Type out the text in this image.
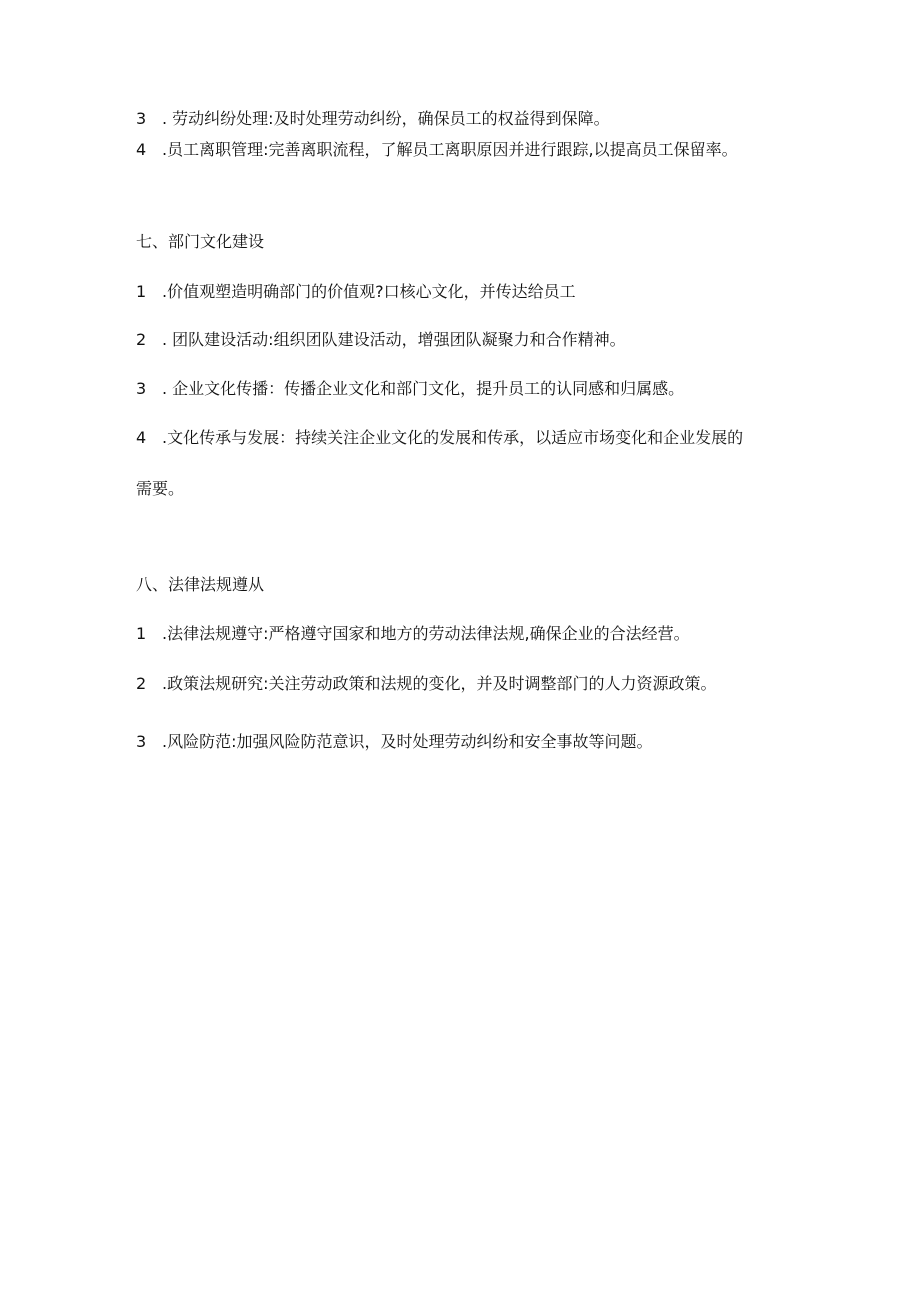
3 . 劳动纠纷处理:及时处理劳动纠纷，确保员工的权益得到保障。
4 .员工离职管理:完善离职流程，了解员工离职原因并进行跟踪,以提高员工保留率。
七、部门文化建设
1 .价值观塑造明确部门的价值观?口核心文化，并传达给员工
2 . 团队建设活动:组织团队建设活动，增强团队凝聚力和合作精神。
3 . 企业文化传播：传播企业文化和部门文化，提升员工的认同感和归属感。
4 .文化传承与发展：持续关注企业文化的发展和传承，以适应市场变化和企业发展的
需要。
八、法律法规遵从
1 .法律法规遵守:严格遵守国家和地方的劳动法律法规,确保企业的合法经营。
2 .政策法规研究:关注劳动政策和法规的变化，并及时调整部门的人力资源政策。
3 .风险防范:加强风险防范意识，及时处理劳动纠纷和安全事故等问题。
